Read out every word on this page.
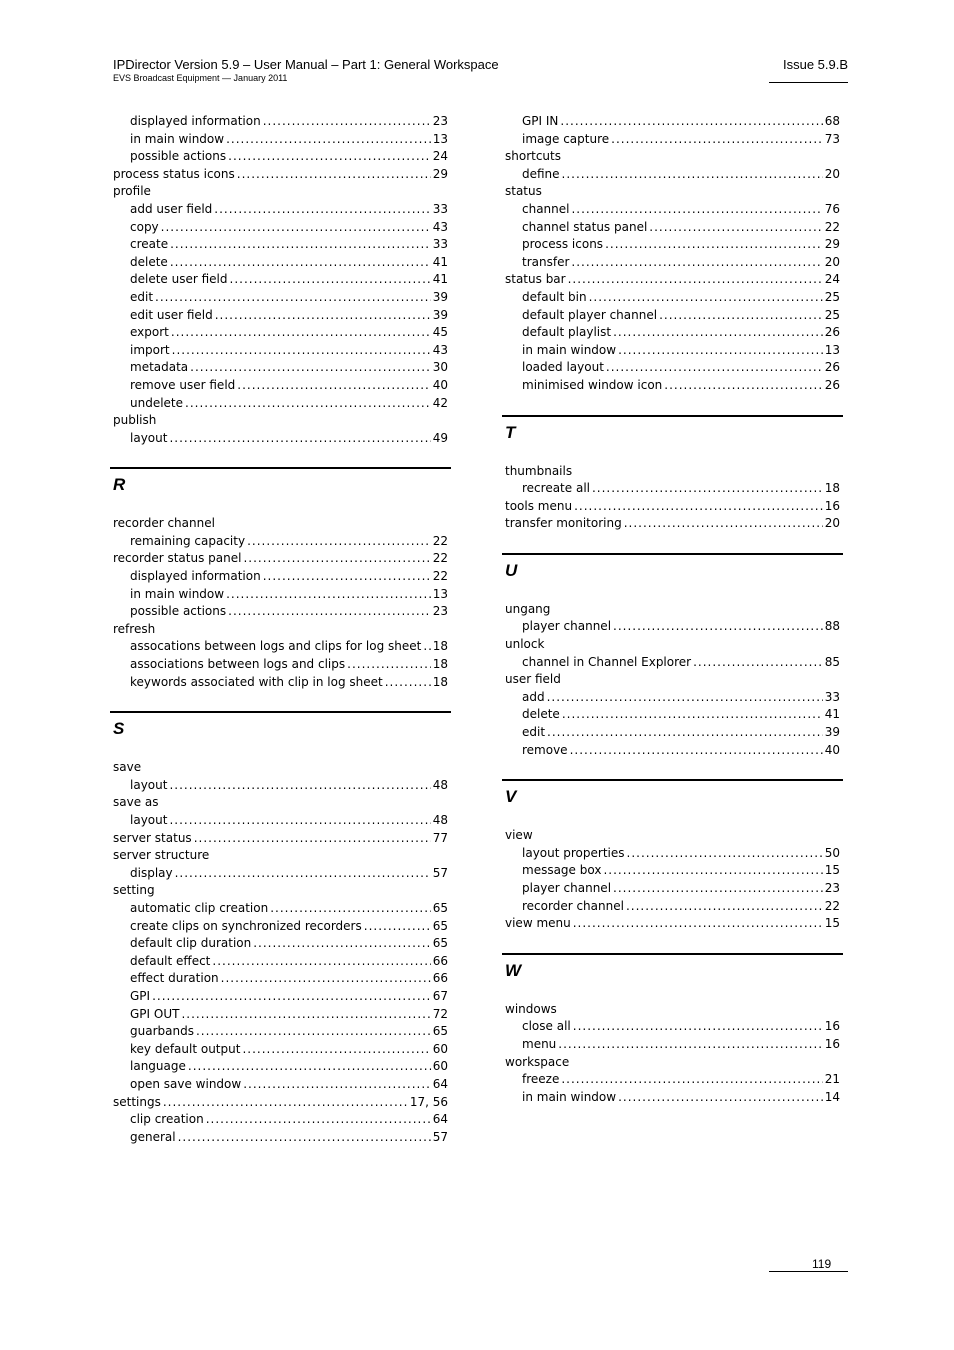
IPDirector Version 5.9 – User Manual – Part 1: General Workspace
EVS Broadcast Equipment — January 2011
Issue 5.9.B
displayed information .....	23
in main window .....	13
possible actions .....	24
process status icons .....	29
profile
add user field .....	33
copy .....	43
create .....	33
delete .....	41
delete user field .....	41
edit .....	39
edit user field .....	39
export .....	45
import .....	43
metadata .....	30
remove user field .....	40
undelete .....	42
publish
layout .....	49
R
recorder channel
remaining capacity .....	22
recorder status panel .....	22
displayed information .....	22
in main window .....	13
possible actions .....	23
refresh
assocations between logs and clips for log sheet ..... 18
associations between logs and clips .....	18
keywords associated with clip in log sheet .....	18
S
save
layout .....	48
save as
layout .....	48
server status .....	77
server structure
display .....	57
setting
automatic clip creation .....	65
create clips on synchronized recorders .....	65
default clip duration .....	65
default effect .....	66
effect duration .....	66
GPI .....	67
GPI OUT .....	72
guarbands .....	65
key default output .....	60
language .....	60
open save window .....	64
settings .....	17, 56
clip creation .....	64
general .....	57
GPI IN .....	68
image capture .....	73
shortcuts
define .....	20
status
channel .....	76
channel status panel .....	22
process icons .....	29
transfer .....	20
status bar .....	24
default bin .....	25
default player channel .....	25
default playlist .....	26
in main window .....	13
loaded layout .....	26
minimised window icon .....	26
T
thumbnails
recreate all .....	18
tools menu .....	16
transfer monitoring .....	20
U
ungang
player channel .....	88
unlock
channel in Channel Explorer .....	85
user field
add .....	33
delete .....	41
edit .....	39
remove .....	40
V
view
layout properties .....	50
message box .....	15
player channel .....	23
recorder channel .....	22
view menu .....	15
W
windows
close all .....	16
menu .....	16
workspace
freeze .....	21
in main window .....	14
119
